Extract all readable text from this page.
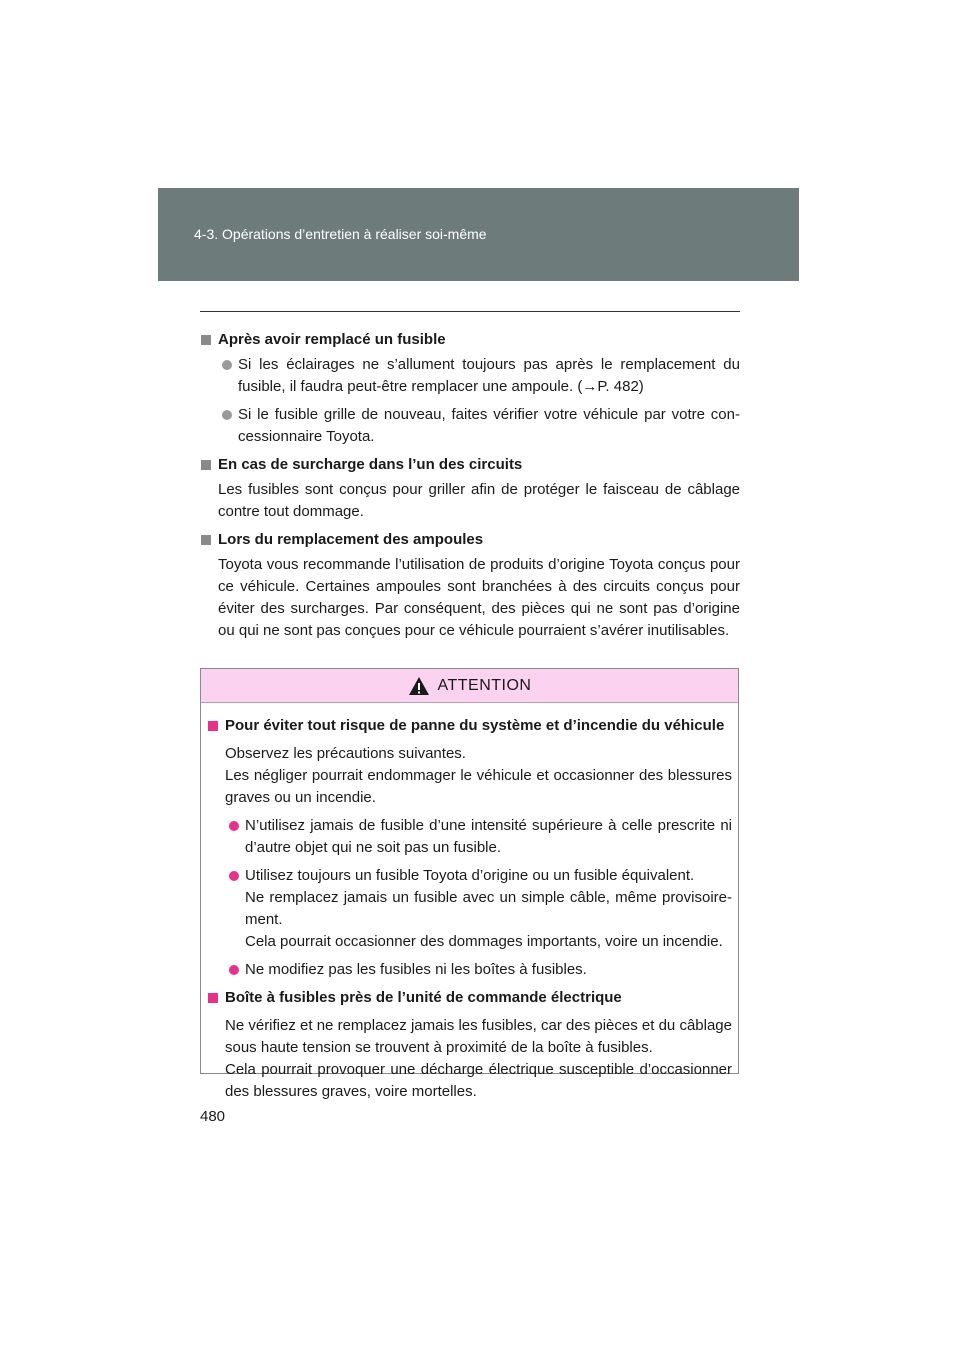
4-3. Opérations d’entretien à réaliser soi-même
Après avoir remplacé un fusible
Si les éclairages ne s’allument toujours pas après le remplacement du fusible, il faudra peut-être remplacer une ampoule. (→P. 482)
Si le fusible grille de nouveau, faites vérifier votre véhicule par votre con-cessionnaire Toyota.
En cas de surcharge dans l’un des circuits
Les fusibles sont conçus pour griller afin de protéger le faisceau de câblage contre tout dommage.
Lors du remplacement des ampoules
Toyota vous recommande l’utilisation de produits d’origine Toyota conçus pour ce véhicule. Certaines ampoules sont branchées à des circuits conçus pour éviter des surcharges. Par conséquent, des pièces qui ne sont pas d’origine ou qui ne sont pas conçues pour ce véhicule pourraient s’avérer inutilisables.
ATTENTION
Pour éviter tout risque de panne du système et d’incendie du véhicule
Observez les précautions suivantes.
Les négliger pourrait endommager le véhicule et occasionner des blessures graves ou un incendie.
N’utilisez jamais de fusible d’une intensité supérieure à celle prescrite ni d’autre objet qui ne soit pas un fusible.
Utilisez toujours un fusible Toyota d’origine ou un fusible équivalent.
Ne remplacez jamais un fusible avec un simple câble, même provisoire-ment.
Cela pourrait occasionner des dommages importants, voire un incendie.
Ne modifiez pas les fusibles ni les boîtes à fusibles.
Boîte à fusibles près de l’unité de commande électrique
Ne vérifiez et ne remplacez jamais les fusibles, car des pièces et du câblage sous haute tension se trouvent à proximité de la boîte à fusibles.
Cela pourrait provoquer une décharge électrique susceptible d’occasionner des blessures graves, voire mortelles.
480
